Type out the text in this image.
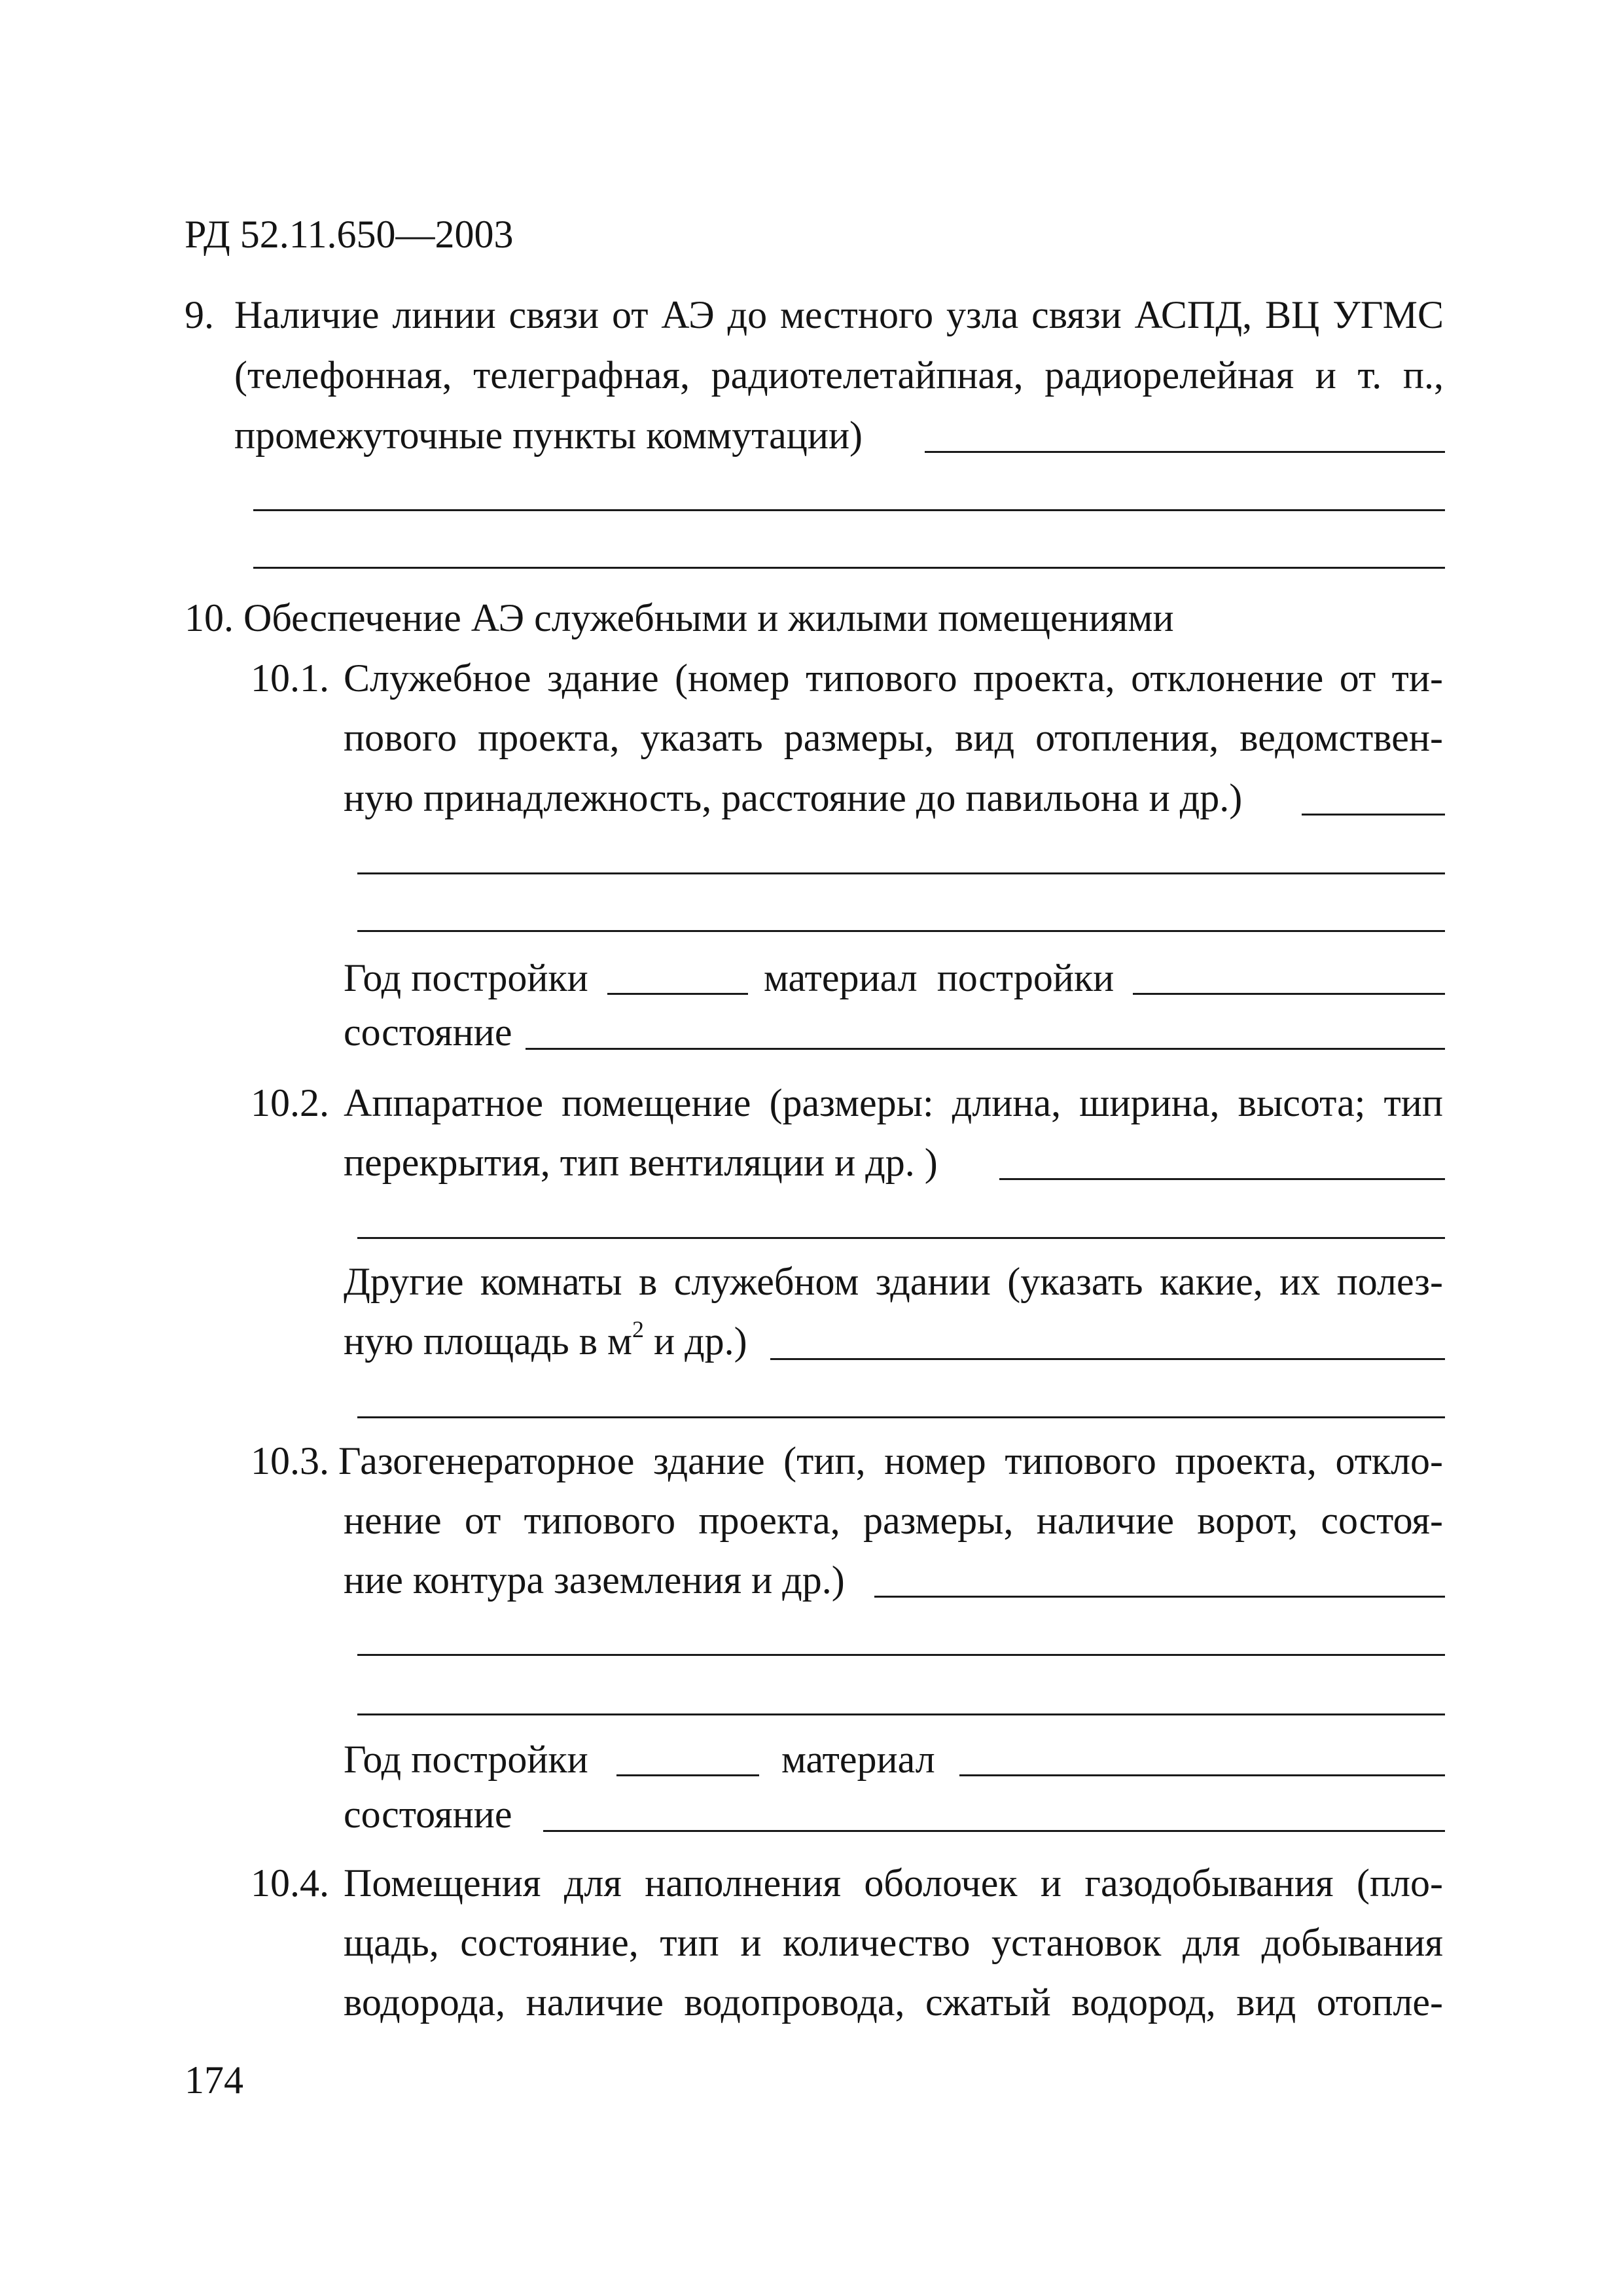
РД 52.11.650—2003
9. Наличие линии связи от АЭ до местного узла связи АСПД, ВЦ УГМС
(телефонная, телеграфная, радиотелетайпная, радиорелейная и т. п.,
промежуточные пункты коммутации)
10. Обеспечение АЭ служебными и жилыми помещениями
10.1. Служебное здание (номер типового проекта, отклонение от ти-
пового проекта, указать размеры, вид отопления, ведомствен-
ную принадлежность, расстояние до павильона и др.)
Год постройки	материал  постройки
состояние
10.2. Аппаратное помещение (размеры: длина, ширина, высота; тип
перекрытия, тип вентиляции и др. )
Другие комнаты в служебном здании (указать какие, их полез-
ную площадь в $м^2$ и др.)
10.3. Газогенераторное здание (тип, номер типового проекта, откло-
нение от типового проекта, размеры, наличие ворот, состоя-
ние контура заземления и др.)
Год постройки	материал
состояние
10.4. Помещения для наполнения оболочек и газодобывания (пло-
щадь, состояние, тип и количество установок для добывания
водорода, наличие водопровода, сжатый водород, вид отопле-
174
